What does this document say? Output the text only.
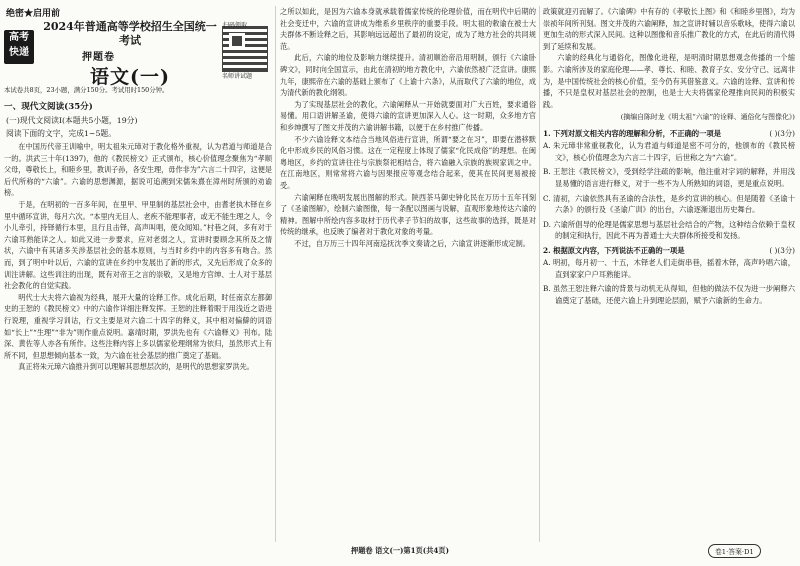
绝密★启用前
高考
快递
2024年普通高等学校招生全国统一考试
押题卷
语文(一)	名师讲试题
本试卷共8页，23小题，满分150分。考试用时150分钟。
一、现代文阅读(35分)
(一)现代文阅读Ⅰ(本题共5小题，19分)
阅读下面的文字，完成1~5题。

在中国历代帝王训喻中，明太祖朱元璋对于教化格外重视，认为君道与师道是合一的。洪武三十年(1397)，他的《教民榜文》正式颁布，核心价值理念聚焦为“孝顺父母，尊敬长上，和睦乡里，教训子孙，各安生理，毋作非为”六言二十四字，这便是后代所称的“六谕”。六谕的思想渊源，据说可追溯到宋儒朱熹在漳州时所颁的劝谕榜。

于是，在明初的一百多年间，在里甲、甲里制的基层社会中，由耆老执木铎在乡里中循环宣讲，每月六次。“本里内无目人、老疾不能理事者，或无不能生理之人，令小儿牵引，持铎循行本里，且行且击铎，高声叫唱，使众闻知。”村巷之间，多有对于六谕耳熟能详之人。如此又进一步要求，应对老弱之人，宣讲时要顾念其所及之情状，六谕中有其诸多关涉基层社会的基本原则，与当时乡约中的内容多有吻合。然而，到了明中叶以后，六谕的宣讲在乡约中发展出了新的形式，又先后形成了众多的训注讲解。这些训注的出现，既有对帝王之言的崇敬，又是地方官绅、士人对于基层社会教化的自觉实践。

明代士大夫将六谕视为经典，展开大量的诠释工作。成化后期，时任南京左都御史的王恕的《教民榜文》中的六谕作详细注释发挥。王恕的注释着眼于用浅近之语进行说理，重视学习训诂，行文主要是对六谕二十四字的释义，其中相对偏僻的词语如“长上”“生理”“非为”则作重点说明。嘉靖时期，罗洪先也有《六谕释义》刊布。陆深、黄佐等人亦各有所作。这些注释内容上多以儒家伦理纲常为依归，虽然形式上有所不同，但思想倾向基本一致，为六谕在社会基层的推广奠定了基础。

真正将朱元璋六谕推升到可以理解其思想层次的，是明代的思想家罗洪先。

之所以如此，是因为六谕本身就承载着儒家传统的伦理价值，而在明代中后期的社会变迁中，六谕的宣讲成为维系乡里秩序的重要手段。明太祖的敕谕在被士大夫群体不断诠释之后，其影响远远超出了最初的设定，成为了地方社会的共同规范。

此后，六谕的地位及影响力继续提升。清初顺治帝沿用明制，颁行《六谕卧碑文》，同时向全国宣示，由此在清初的地方教化中，六谕依然被广泛宣讲。康熙九年，康熙帝在六谕的基础上颁布了《上谕十六条》，从而取代了六谕的地位，成为清代新的教化纲领。

为了实现基层社会的教化，六谕阐释从一开始就要面对广大百姓，要求通俗易懂。用口语讲解圣谕，使得六谕的宣讲更加深入人心。这一时期，众多地方官和乡绅撰写了图文并茂的六谕讲解书籍，以便于在乡村推广传播。

不少六谕诠释文本结合当地风俗进行宣讲，所谓“要之在习”，即要在潜移默化中形成乡民的风俗习惯。这在一定程度上体现了儒家“化民成俗”的理想。在闽粤地区，乡约的宣讲往往与宗族祭祀相结合，将六谕融入宗族的族规家训之中。在江南地区，则常常将六谕与因果报应等观念结合起来，使其在民间更易被接受。

六谕阐释在晚明发展出图解的形式。陕西茶马御史钟化民在万历十五年刊刻了《圣谕图解》，绘制六谕图像，每一条配以图画与说解，直观形象地传达六谕的精神。图解中所绘内容多取材于历代孝子节妇的故事，这些故事的选择，既是对传统的继承，也反映了编者对于教化对象的考量。

不过，自万历三十四年河南巡抚沈季文奏请之后，六谕宣讲逐渐形成定制。

政策就迎刃而解了。《六谕碑》中有存的《孝敬长上图》和《和睦乡里图》，均为崇祯年间所刊刻。图文并茂的六谕阐释，加之宣讲时辅以音乐歌咏，使得六谕以更加生动的形式深入民间。这种以图像和音乐推广教化的方式，在此后的清代得到了延续和发展。

六谕的经典化与通俗化，图像化进程，是明清时期思想观念传播的一个缩影。六谕所涉及的家庭伦理——孝、尊长、和睦、教育子女、安分守己、远离非为，是中国传统社会的核心价值，至今仍有其借鉴意义。六谕的诠释、宣讲和传播，不只是皇权对基层社会的控制，也是士大夫将儒家伦理推向民间的积极实践。

(摘编自陈时龙《明太祖“六谕”的诠释、通俗化与图像化》)
1. 下列对原文相关内容的理解和分析，不正确的一项是	( )(3分)
A. 朱元璋非常重视教化，认为君道与师道是密不可分的，他颁布的《教民榜文》，核心价值理念为六言二十四字，后世称之为“六谕”。
B. 王恕注《教民榜文》，受到经学注疏的影响，他注重对字词的解释，并用浅显易懂的语言进行释义，对于一些不为人所熟知的词语，更是重点说明。
C. 清初，六谕依然具有圣谕的合法性，是乡约宣讲的核心。但是随着《圣谕十六条》的颁行及《圣谕广训》的出台，六谕逐渐退出历史舞台。
D. 六谕所倡导的伦理是儒家思想与基层社会结合的产物，这种结合依赖于皇权的制定和执行，因此不再为普通士大夫群体所接受和发扬。
2. 根据原文内容，下列说法不正确的一项是	( )(3分)
A. 明初，每月初一、十五，木铎老人们走街串巷，摇着木铎，高声吟唱六谕，直到家家户户耳熟能详。
B. 虽然王恕注释六谕的背景与动机无从得知，但他的做法不仅为进一步阐释六谕奠定了基础，还使六谕上升到理论层面，赋予六谕新的生命力。
押题卷 语文(一)第1页(共4页)	卷1·答案·D1
